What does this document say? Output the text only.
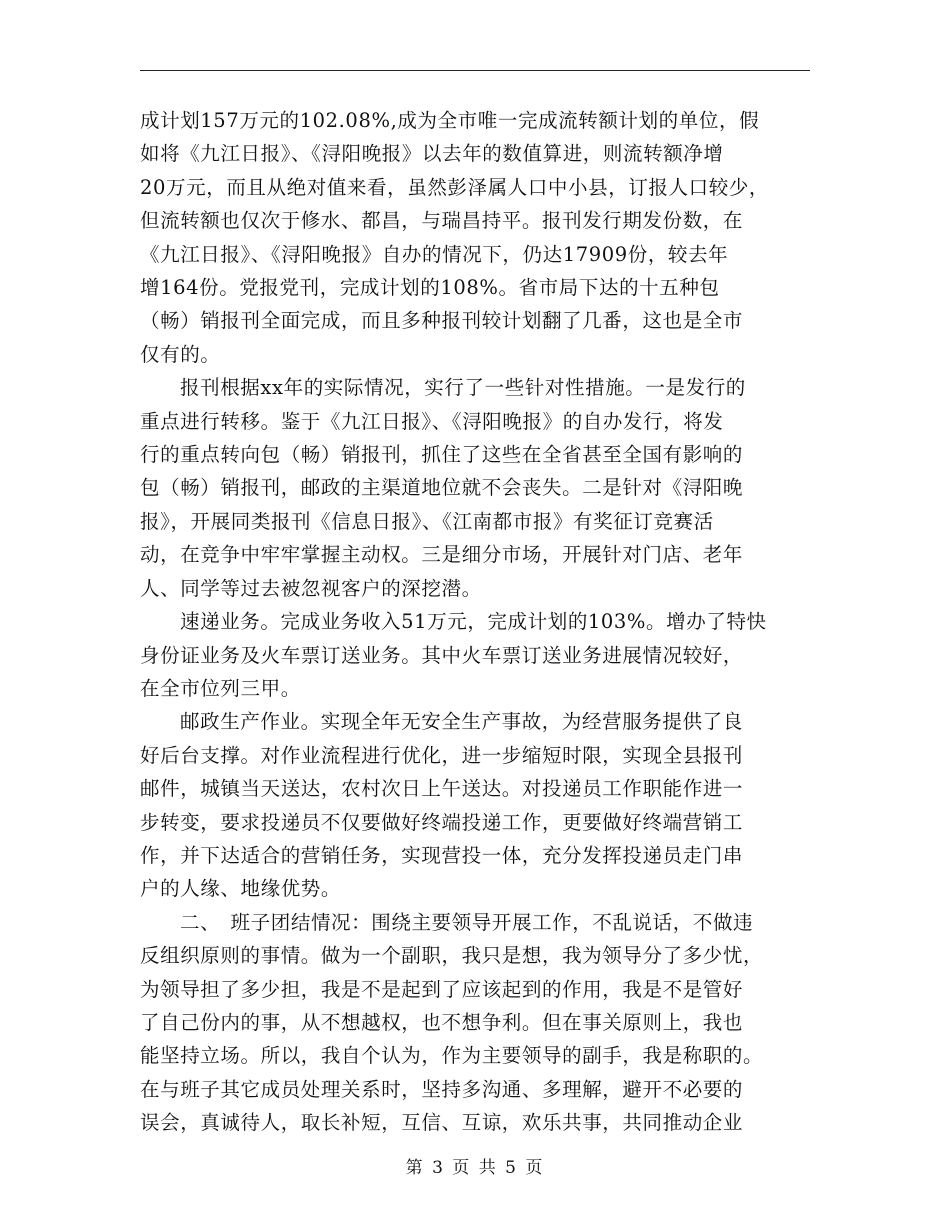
成计划157万元的102.08%,成为全市唯一完成流转额计划的单位，假
如将《九江日报》、《浔阳晚报》以去年的数值算进，则流转额净增
20万元，而且从绝对值来看，虽然彭泽属人口中小县，订报人口较少，
但流转额也仅次于修水、都昌，与瑞昌持平。报刊发行期发份数，在
《九江日报》、《浔阳晚报》自办的情况下，仍达17909份，较去年
增164份。党报党刊，完成计划的108%。省市局下达的十五种包
（畅）销报刊全面完成，而且多种报刊较计划翻了几番，这也是全市
仅有的。
报刊根据xx年的实际情况，实行了一些针对性措施。一是发行的
重点进行转移。鉴于《九江日报》、《浔阳晚报》的自办发行，将发
行的重点转向包（畅）销报刊，抓住了这些在全省甚至全国有影响的
包（畅）销报刊，邮政的主渠道地位就不会丧失。二是针对《浔阳晚
报》，开展同类报刊《信息日报》、《江南都市报》有奖征订竞赛活
动，在竞争中牢牢掌握主动权。三是细分市场，开展针对门店、老年
人、同学等过去被忽视客户的深挖潜。
速递业务。完成业务收入51万元，完成计划的103%。增办了特快
身份证业务及火车票订送业务。其中火车票订送业务进展情况较好，
在全市位列三甲。
邮政生产作业。实现全年无安全生产事故，为经营服务提供了良
好后台支撑。对作业流程进行优化，进一步缩短时限，实现全县报刊
邮件，城镇当天送达，农村次日上午送达。对投递员工作职能作进一
步转变，要求投递员不仅要做好终端投递工作，更要做好终端营销工
作，并下达适合的营销任务，实现营投一体，充分发挥投递员走门串
户的人缘、地缘优势。
二、　班子团结情况：围绕主要领导开展工作，不乱说话，不做违
反组织原则的事情。做为一个副职，我只是想，我为领导分了多少忧，
为领导担了多少担，我是不是起到了应该起到的作用，我是不是管好
了自己份内的事，从不想越权，也不想争利。但在事关原则上，我也
能坚持立场。所以，我自个认为，作为主要领导的副手，我是称职的。
在与班子其它成员处理关系时，坚持多沟通、多理解，避开不必要的
误会，真诚待人，取长补短，互信、互谅，欢乐共事，共同推动企业
第 3 页 共 5 页
